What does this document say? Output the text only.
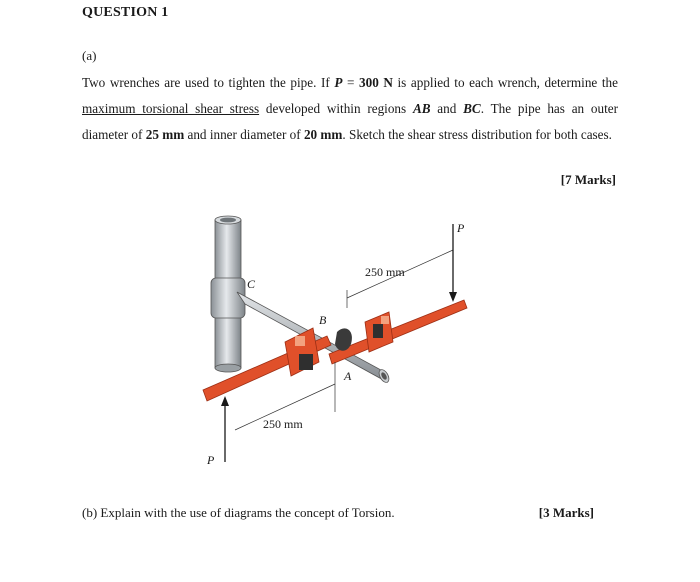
QUESTION 1
(a)
Two wrenches are used to tighten the pipe. If P = 300 N is applied to each wrench, determine the maximum torsional shear stress developed within regions AB and BC. The pipe has an outer diameter of 25 mm and inner diameter of 20 mm. Sketch the shear stress distribution for both cases.
[7 Marks]
C
B
A
P
P
250 mm
250 mm
(b) Explain with the use of diagrams the concept of Torsion.	[3 Marks]
